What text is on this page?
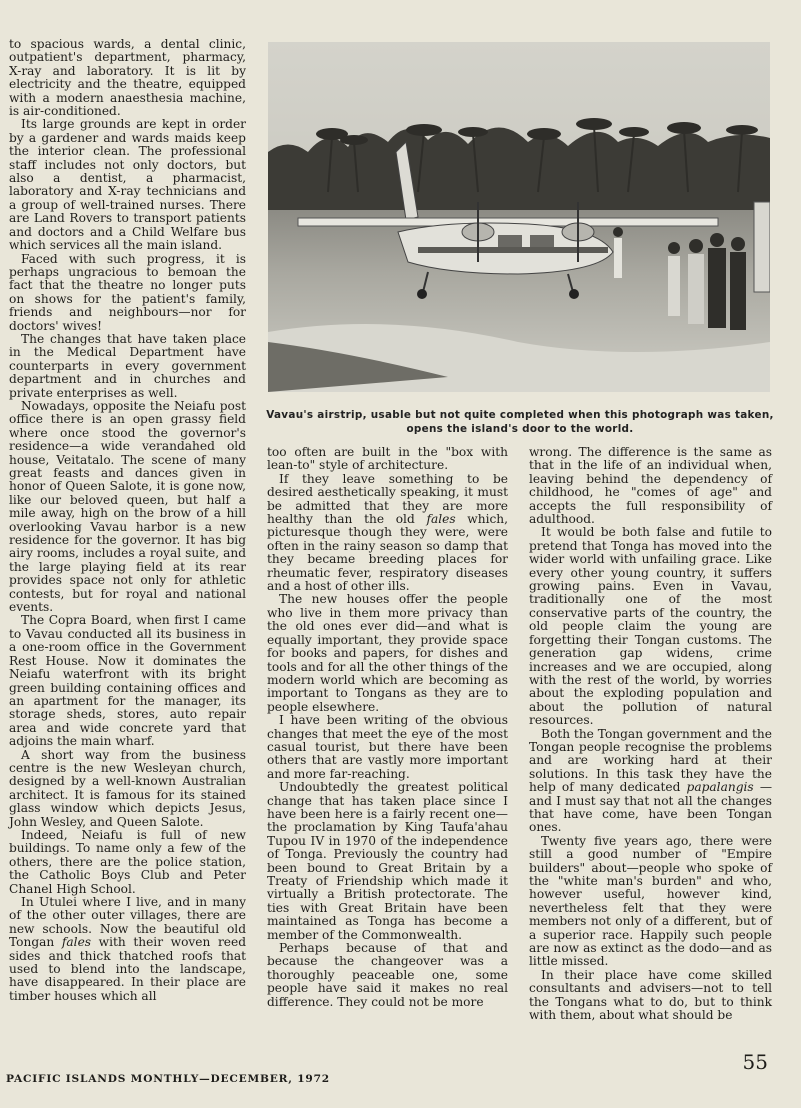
to spacious wards, a dental clinic, outpatient's department, pharmacy, X-ray and laboratory. It is lit by electricity and the theatre, equipped with a modern anaesthesia machine, is air-conditioned.

Its large grounds are kept in order by a gardener and wards maids keep the interior clean. The professional staff includes not only doctors, but also a dentist, a pharmacist, laboratory and X-ray technicians and a group of well-trained nurses. There are Land Rovers to transport patients and doctors and a Child Welfare bus which services all the main island.

Faced with such progress, it is perhaps ungracious to bemoan the fact that the theatre no longer puts on shows for the patient's family, friends and neighbours—nor for doctors' wives!

The changes that have taken place in the Medical Department have counterparts in every government department and in churches and private enterprises as well.

Nowadays, opposite the Neiafu post office there is an open grassy field where once stood the governor's residence—a wide verandahed old house, Veitatalo. The scene of many great feasts and dances given in honor of Queen Salote, it is gone now, like our beloved queen, but half a mile away, high on the brow of a hill overlooking Vavau harbor is a new residence for the governor. It has big airy rooms, includes a royal suite, and the large playing field at its rear provides space not only for athletic contests, but for royal and national events.

The Copra Board, when first I came to Vavau conducted all its business in a one-room office in the Government Rest House. Now it dominates the Neiafu waterfront with its bright green building containing offices and an apartment for the manager, its storage sheds, stores, auto repair area and wide concrete yard that adjoins the main wharf.

A short way from the business centre is the new Wesleyan church, designed by a well-known Australian architect. It is famous for its stained glass window which depicts Jesus, John Wesley, and Queen Salote.

Indeed, Neiafu is full of new buildings. To name only a few of the others, there are the police station, the Catholic Boys Club and Peter Chanel High School.

In Utulei where I live, and in many of the other outer villages, there are new schools. Now the beautiful old Tongan fales with their woven reed sides and thick thatched roofs that used to blend into the landscape, have disappeared. In their place are timber houses which all

Vavau's airstrip, usable but not quite completed when this photograph was taken,
opens the island's door to the world.

too often are built in the "box with lean-to" style of architecture.

If they leave something to be desired aesthetically speaking, it must be admitted that they are more healthy than the old fales which, picturesque though they were, were often in the rainy season so damp that they became breeding places for rheumatic fever, respiratory diseases and a host of other ills.

The new houses offer the people who live in them more privacy than the old ones ever did—and what is equally important, they provide space for books and papers, for dishes and tools and for all the other things of the modern world which are becoming as important to Tongans as they are to people elsewhere.

I have been writing of the obvious changes that meet the eye of the most casual tourist, but there have been others that are vastly more important and more far-reaching.

Undoubtedly the greatest political change that has taken place since I have been here is a fairly recent one—the proclamation by King Taufa'ahau Tupou IV in 1970 of the independence of Tonga. Previously the country had been bound to Great Britain by a Treaty of Friendship which made it virtually a British protectorate. The ties with Great Britain have been maintained as Tonga has become a member of the Commonwealth.

Perhaps because of that and because the changeover was a thoroughly peaceable one, some people have said it makes no real difference. They could not be more

wrong. The difference is the same as that in the life of an individual when, leaving behind the dependency of childhood, he "comes of age" and accepts the full responsibility of adulthood.

It would be both false and futile to pretend that Tonga has moved into the wider world with unfailing grace. Like every other young country, it suffers growing pains. Even in Vavau, traditionally one of the most conservative parts of the country, the old people claim the young are forgetting their Tongan customs. The generation gap widens, crime increases and we are occupied, along with the rest of the world, by worries about the exploding population and about the pollution of natural resources.

Both the Tongan government and the Tongan people recognise the problems and are working hard at their solutions. In this task they have the help of many dedicated papalangis — and I must say that not all the changes that have come, have been Tongan ones.

Twenty five years ago, there were still a good number of "Empire builders" about—people who spoke of the "white man's burden" and who, however useful, however kind, nevertheless felt that they were members not only of a different, but of a superior race. Happily such people are now as extinct as the dodo—and as little missed.

In their place have come skilled consultants and advisers—not to tell the Tongans what to do, but to think with them, about what should be

PACIFIC ISLANDS MONTHLY—DECEMBER, 1972
55
